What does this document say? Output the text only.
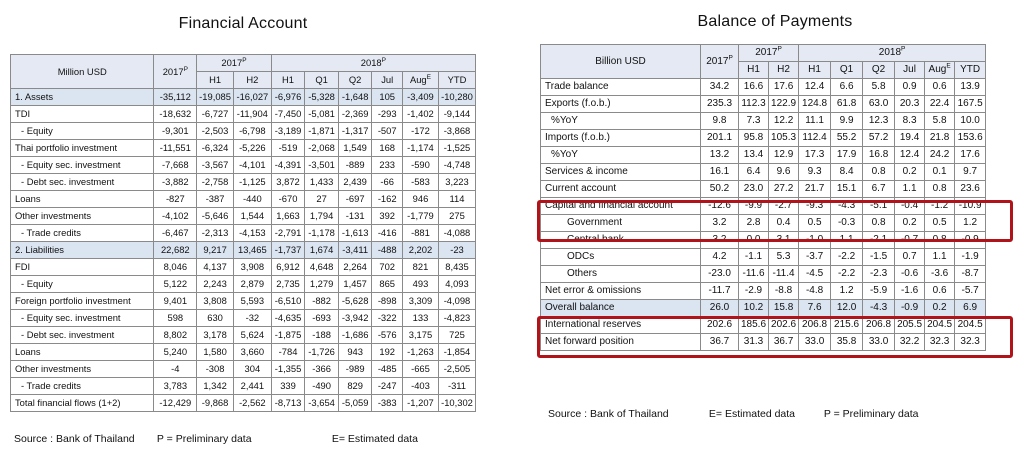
Financial Account
Million USD	$2017^P$	$2017^P$		$2018^P$
		H1	H2	H1	Q1	Q2	Jul	Aug$^E$	YTD
1. Assets	-35,112	-19,085	-16,027	-6,976	-5,328	-1,648	105	-3,409	-10,280
TDI	-18,632	-6,727	-11,904	-7,450	-5,081	-2,369	-293	-1,402	-9,144
- Equity	-9,301	-2,503	-6,798	-3,189	-1,871	-1,317	-507	-172	-3,868
Thai portfolio investment	-11,551	-6,324	-5,226	-519	-2,068	1,549	168	-1,174	-1,525
- Equity sec. investment	-7,668	-3,567	-4,101	-4,391	-3,501	-889	233	-590	-4,748
- Debt sec. investment	-3,882	-2,758	-1,125	3,872	1,433	2,439	-66	-583	3,223
Loans	-827	-387	-440	-670	27	-697	-162	946	114
Other investments	-4,102	-5,646	1,544	1,663	1,794	-131	392	-1,779	275
- Trade credits	-6,467	-2,313	-4,153	-2,791	-1,178	-1,613	-416	-881	-4,088
2. Liabilities	22,682	9,217	13,465	-1,737	1,674	-3,411	-488	2,202	-23
FDI	8,046	4,137	3,908	6,912	4,648	2,264	702	821	8,435
- Equity	5,122	2,243	2,879	2,735	1,279	1,457	865	493	4,093
Foreign portfolio investment	9,401	3,808	5,593	-6,510	-882	-5,628	-898	3,309	-4,098
- Equity sec. investment	598	630	-32	-4,635	-693	-3,942	-322	133	-4,823
- Debt sec. investment	8,802	3,178	5,624	-1,875	-188	-1,686	-576	3,175	725
Loans	5,240	1,580	3,660	-784	-1,726	943	192	-1,263	-1,854
Other investments	-4	-308	304	-1,355	-366	-989	-485	-665	-2,505
- Trade credits	3,783	1,342	2,441	339	-490	829	-247	-403	-311
Total financial flows (1+2)	-12,429	-9,868	-2,562	-8,713	-3,654	-5,059	-383	-1,207	-10,302
Source : Bank of Thailand P = Preliminary data	E= Estimated data
Balance of Payments
Billion USD	$2017^P$	$2017^P$		$2018^P$
		H1	H2	H1	Q1	Q2	Jul	Aug$^E$	YTD
Trade balance	34.2	16.6	17.6	12.4	6.6	5.8	0.9	0.6	13.9
Exports (f.o.b.)	235.3	112.3	122.9	124.8	61.8	63.0	20.3	22.4	167.5
%YoY	9.8	7.3	12.2	11.1	9.9	12.3	8.3	5.8	10.0
Imports (f.o.b.)	201.1	95.8	105.3	112.4	55.2	57.2	19.4	21.8	153.6
%YoY	13.2	13.4	12.9	17.3	17.9	16.8	12.4	24.2	17.6
Services & income	16.1	6.4	9.6	9.3	8.4	0.8	0.2	0.1	9.7
Current account	50.2	23.0	27.2	21.7	15.1	6.7	1.1	0.8	23.6
Capital and financial account	-12.6	-9.9	-2.7	-9.3	-4.3	-5.1	-0.4	-1.2	-10.9
Government	3.2	2.8	0.4	0.5	-0.3	0.8	0.2	0.5	1.2
Central bank	3.2	0.0	3.1	-1.0	1.1	-2.1	-0.7	0.8	-0.9
ODCs	4.2	-1.1	5.3	-3.7	-2.2	-1.5	0.7	1.1	-1.9
Others	-23.0	-11.6	-11.4	-4.5	-2.2	-2.3	-0.6	-3.6	-8.7
Net error & omissions	-11.7	-2.9	-8.8	-4.8	1.2	-5.9	-1.6	0.6	-5.7
Overall balance	26.0	10.2	15.8	7.6	12.0	-4.3	-0.9	0.2	6.9
International reserves	202.6	185.6	202.6	206.8	215.6	206.8	205.5	204.5	204.5
Net forward position	36.7	31.3	36.7	33.0	35.8	33.0	32.2	32.3	32.3
Source : Bank of Thailand	E= Estimated data	P = Preliminary data
